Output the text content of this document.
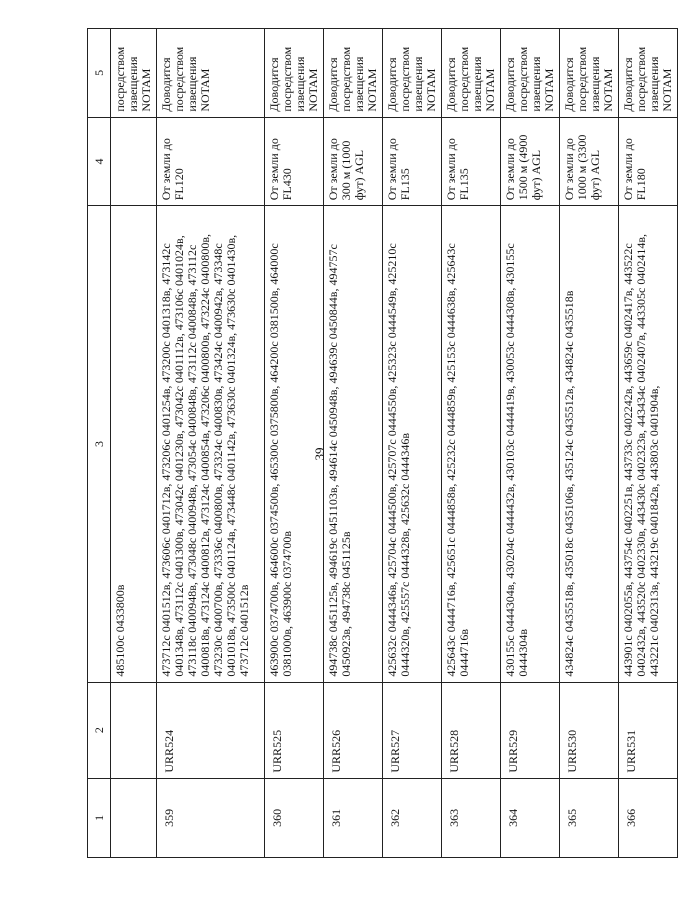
39
1	2	3	4	5
		485100с 0433800в		посредством извещения NOTAM
359	URR524	473712с 0401512в, 473606с 0401712в, 473206с 0401254в, 473200с 0401318в, 473142с 0401348в, 473112с 0401300в, 473042с 0401230в, 473042с 0401112в, 473106с 0401024в, 473118с 0400948в, 473048с 0400948в, 473054с 0400848в, 473112с 0400848в, 473112с 0400818в, 473124с 0400812в, 473124с 0400854в, 473206с 0400800в, 473224с 0400800в, 473230с 0400700в, 473336с 0400800в, 473324с 0400830в, 473424с 0400942в, 473348с 0401018в, 473500с 0401124в, 473448с 0401142в, 473630с 0401324в, 473630с 0401430в, 473712с 0401512в	От земли до FL120	Доводится посредством извещения NOTAM
360	URR525	463900с 0374700в, 464600с 0374500в, 465300с 0375800в, 464200с 0381500в, 464000с 0381000в, 463900с 0374700в	От земли до FL430	Доводится посредством извещения NOTAM
361	URR526	494738с 0451125в, 494619с 0451103в, 494614с 0450948в, 494639с 0450844в, 494757с 0450923в, 494738с 0451125в	От земли до 300 м (1000 фут) AGL	Доводится посредством извещения NOTAM
362	URR527	425632с 0444346в, 425704с 0444500в, 425707с 0444550в, 425323с 0444549в, 425210с 0444320в, 425557с 0444328в, 425632с 0444346в	От земли до FL135	Доводится посредством извещения NOTAM
363	URR528	425643с 0444716в, 425651с 0444858в, 425232с 0444859в, 425153с 0444638в, 425643с 0444716в	От земли до FL135	Доводится посредством извещения NOTAM
364	URR529	430155с 0444304в, 430204с 0444432в, 430103с 0444419в, 430053с 0444308в, 430155с 0444304в	От земли до 1500 м (4900 фут) AGL	Доводится посредством извещения NOTAM
365	URR530	434824с 0435518в, 435018с 0435106в, 435124с 0435512в, 434824с 0435518в	От земли до 1000 м (3300 фут) AGL	Доводится посредством извещения NOTAM
366	URR531	443901с 0402055в, 443754с 0402251в, 443733с 0402242в, 443659с 0402417в, 443522с 0402432в, 443520с 0402330в, 443430с 0402323в, 443434с 0402407в, 443305с 0402414в, 443221с 0402313в, 443219с 0401842в, 443803с 0401904в,	От земли до FL180	Доводится посредством извещения NOTAM
